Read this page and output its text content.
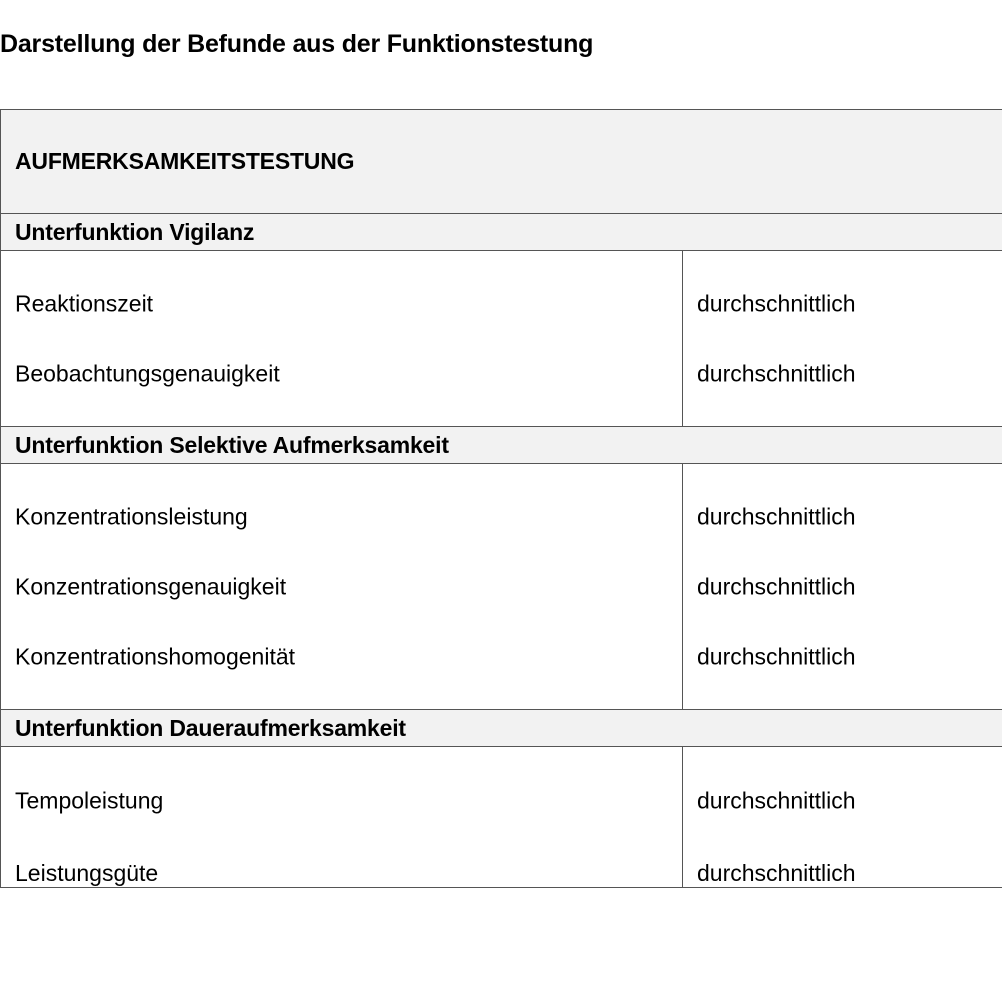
Darstellung der Befunde aus der Funktionstestung
AUFMERKSAMKEITSTESTUNG
Unterfunktion Vigilanz
Reaktionszeit	durchschnittlich
Beobachtungsgenauigkeit	durchschnittlich
Unterfunktion Selektive Aufmerksamkeit
Konzentrationsleistung	durchschnittlich
Konzentrationsgenauigkeit	durchschnittlich
Konzentrationshomogenität	durchschnittlich
Unterfunktion Daueraufmerksamkeit
Tempoleistung	durchschnittlich
Leistungsgüte	durchschnittlich
